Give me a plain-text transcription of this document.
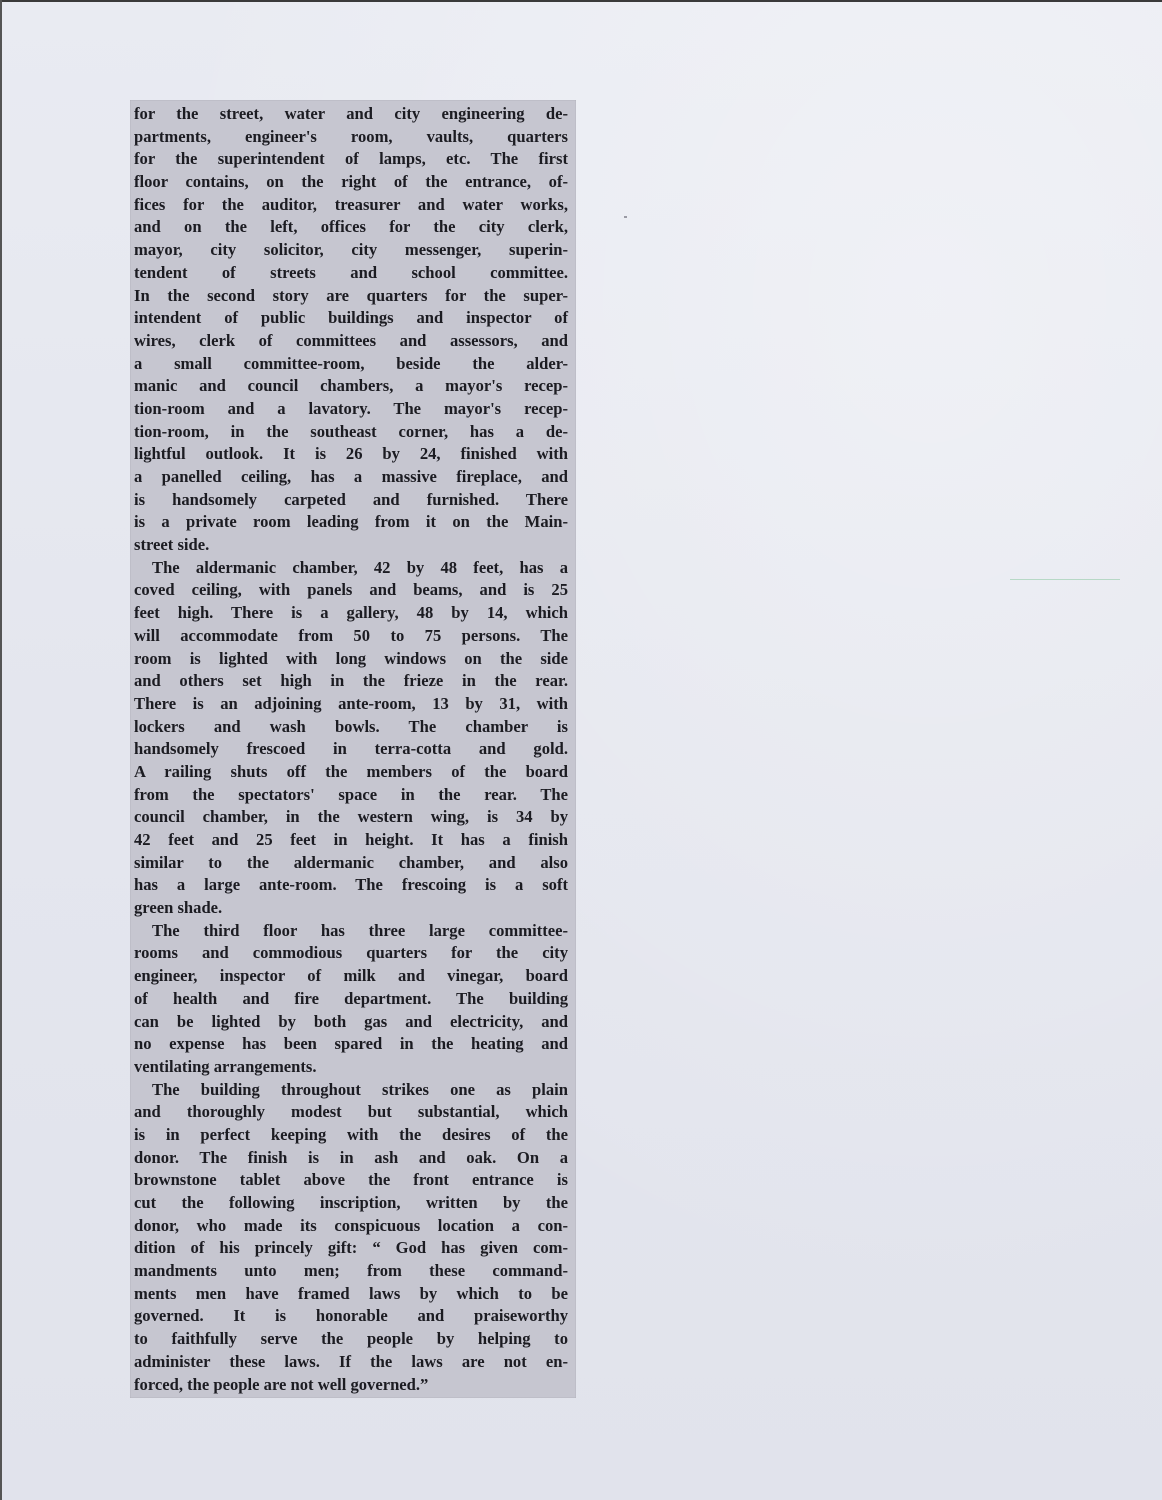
for the street, water and city engineering de-
partments, engineer's room, vaults, quarters
for the superintendent of lamps, etc. The first
floor contains, on the right of the entrance, of-
fices for the auditor, treasurer and water works,
and on the left, offices for the city clerk,
mayor, city solicitor, city messenger, superin-
tendent of streets and school committee.
In the second story are quarters for the super-
intendent of public buildings and inspector of
wires, clerk of committees and assessors, and
a small committee-room, beside the alder-
manic and council chambers, a mayor's recep-
tion-room and a lavatory. The mayor's recep-
tion-room, in the southeast corner, has a de-
lightful outlook. It is 26 by 24, finished with
a panelled ceiling, has a massive fireplace, and
is handsomely carpeted and furnished. There
is a private room leading from it on the Main-
street side.
The aldermanic chamber, 42 by 48 feet, has a
coved ceiling, with panels and beams, and is 25
feet high. There is a gallery, 48 by 14, which
will accommodate from 50 to 75 persons. The
room is lighted with long windows on the side
and others set high in the frieze in the rear.
There is an adjoining ante-room, 13 by 31, with
lockers and wash bowls. The chamber is
handsomely frescoed in terra-cotta and gold.
A railing shuts off the members of the board
from the spectators' space in the rear. The
council chamber, in the western wing, is 34 by
42 feet and 25 feet in height. It has a finish
similar to the aldermanic chamber, and also
has a large ante-room. The frescoing is a soft
green shade.
The third floor has three large committee-
rooms and commodious quarters for the city
engineer, inspector of milk and vinegar, board
of health and fire department. The building
can be lighted by both gas and electricity, and
no expense has been spared in the heating and
ventilating arrangements.
The building throughout strikes one as plain
and thoroughly modest but substantial, which
is in perfect keeping with the desires of the
donor. The finish is in ash and oak. On a
brownstone tablet above the front entrance is
cut the following inscription, written by the
donor, who made its conspicuous location a con-
dition of his princely gift: “ God has given com-
mandments unto men; from these command-
ments men have framed laws by which to be
governed. It is honorable and praiseworthy
to faithfully serve the people by helping to
administer these laws. If the laws are not en-
forced, the people are not well governed.”
